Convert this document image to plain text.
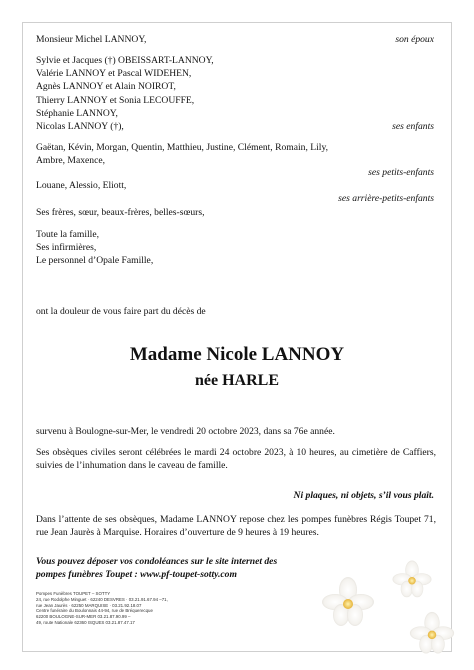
Monsieur Michel LANNOY,	son époux
Sylvie et Jacques (†) OBEISSART-LANNOY,
Valérie LANNOY et Pascal WIDEHEN,
Agnès LANNOY et Alain NOIROT,
Thierry LANNOY et Sonia LECOUFFE,
Stéphanie LANNOY,
Nicolas LANNOY (†),	ses enfants
Gaëtan, Kévin, Morgan, Quentin, Matthieu, Justine, Clément, Romain, Lily,
Ambre, Maxence,
ses petits-enfants
Louane, Alessio, Eliott,
ses arrière-petits-enfants
Ses frères, sœur, beaux-frères, belles-sœurs,
Toute la famille,
Ses infirmières,
Le personnel d’Opale Famille,
ont la douleur de vous faire part du décès de
Madame Nicole LANNOY
née HARLE
survenu à Boulogne-sur-Mer, le vendredi 20 octobre 2023, dans sa 76e année.
Ses obsèques civiles seront célébrées le mardi 24 octobre 2023, à 10 heures, au cimetière de Caffiers, suivies de l’inhumation dans le caveau de famille.
Ni plaques, ni objets, s’il vous plaît.
Dans l’attente de ses obsèques, Madame LANNOY repose chez les pompes funèbres Régis Toupet 71, rue Jean Jaurès à Marquise. Horaires d’ouverture de 9 heures à 19 heures.
Vous pouvez déposer vos condoléances sur le site internet des
pompes funèbres Toupet : www.pf-toupet-sotty.com
Pompes Funèbres TOUPET – SOTTY
24, rue Rodolphe Minguet · 62240 DESVRES · 03.21.91.67.94 –71,
rue Jean Jaurès · 62250 MARQUISE · 03.21.92.18.07
Centre funéraire du Boulonnais 44-94, rue de Bréquerecque
62200 BOULOGNE-SUR-MER 03.21.87.90.99 –
49, route Nationale 62360 ISQUES 03.21.87.47.17
